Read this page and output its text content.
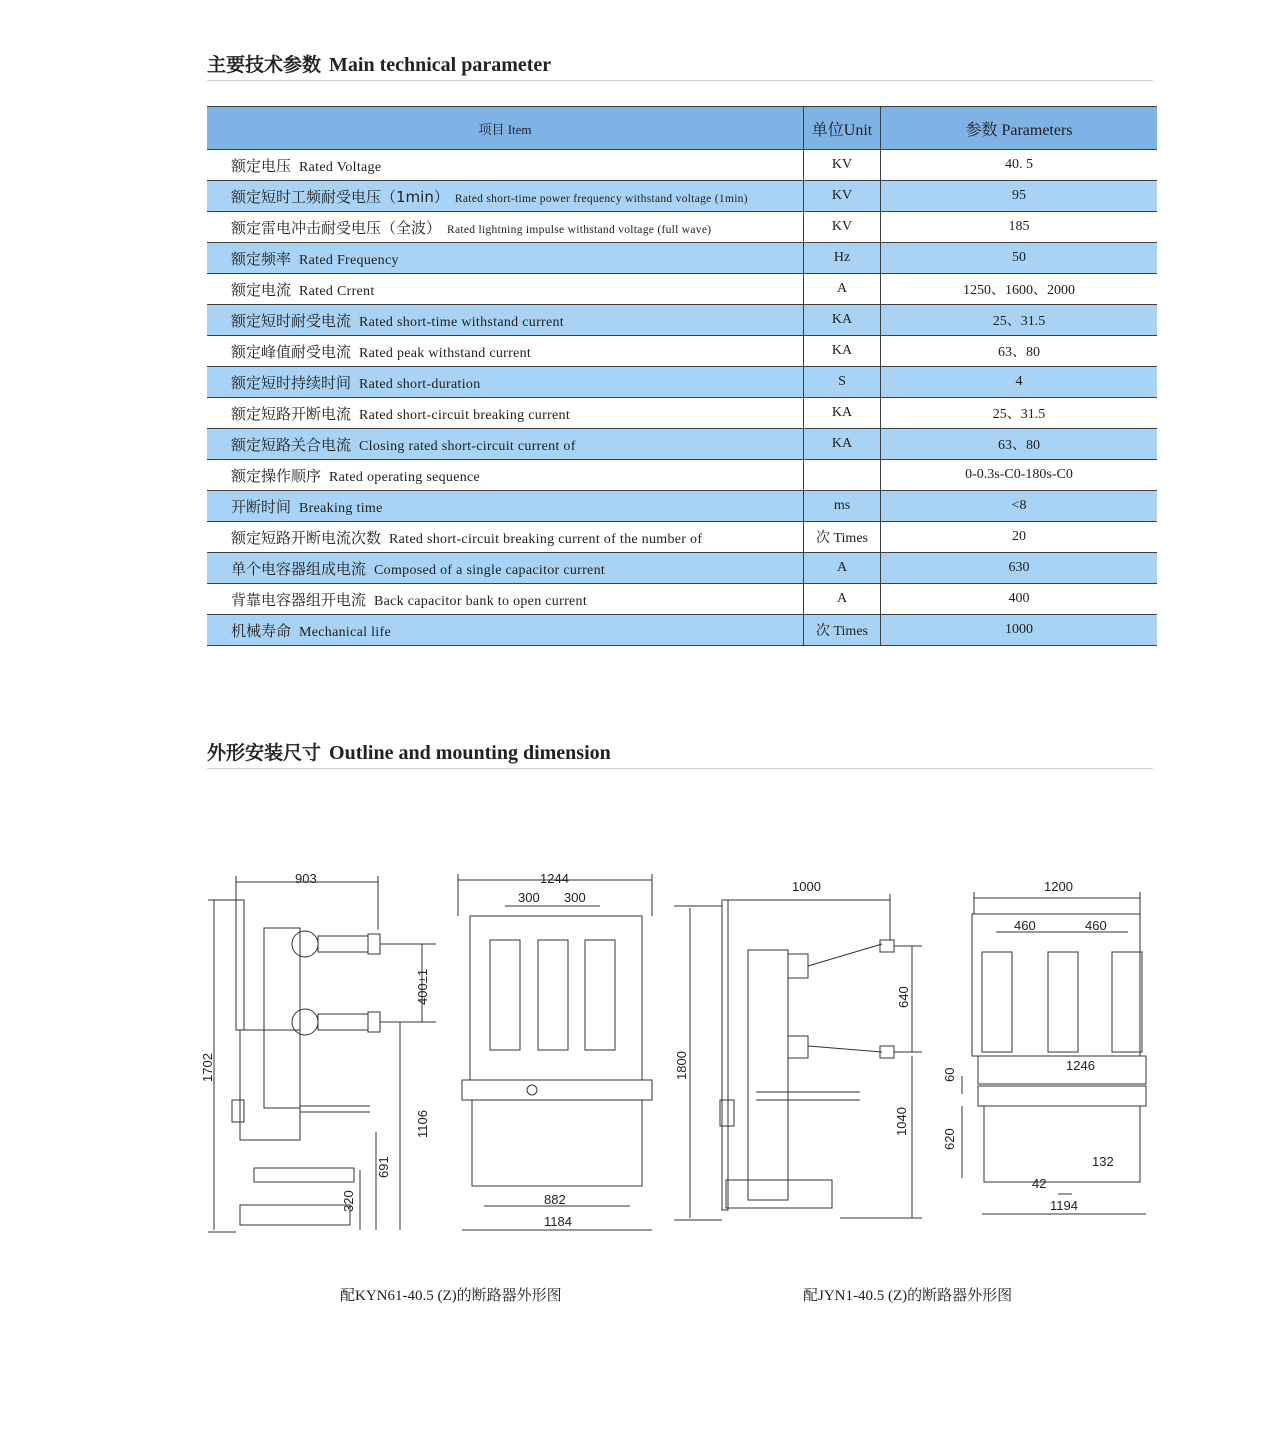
主要技术参数 Main technical parameter
项目 Item	单位Unit	参数 Parameters
额定电压 Rated Voltage	KV	40. 5
额定短时工频耐受电压（1min） Rated short-time power frequency withstand voltage (1min)	KV	95
额定雷电冲击耐受电压（全波） Rated lightning impulse withstand voltage (full wave)	KV	185
额定频率 Rated Frequency	Hz	50
额定电流 Rated Crrent	A	1250、1600、2000
额定短时耐受电流 Rated short-time withstand current	KA	25、31.5
额定峰值耐受电流 Rated peak withstand current	KA	63、80
额定短时持续时间 Rated short-duration	S	4
额定短路开断电流 Rated short-circuit breaking current	KA	25、31.5
额定短路关合电流 Closing rated short-circuit current of	KA	63、80
额定操作顺序 Rated operating sequence		0-0.3s-C0-180s-C0
开断时间 Breaking time	ms	<8
额定短路开断电流次数 Rated short-circuit breaking current of the number of	次 Times	20
单个电容器组成电流 Composed of a single capacitor current	A	630
背靠电容器组开电流 Back capacitor bank to open current	A	400
机械寿命 Mechanical life	次 Times	1000
外形安装尺寸 Outline and mounting dimension
903
1702
400±1
1106
691
320
1244
300 300
882
1184
1000
1800
640
1040
1200
460	460
1246
60
620
132
42
1194
配KYN61-40.5 (Z)的断路器外形图	配JYN1-40.5 (Z)的断路器外形图
